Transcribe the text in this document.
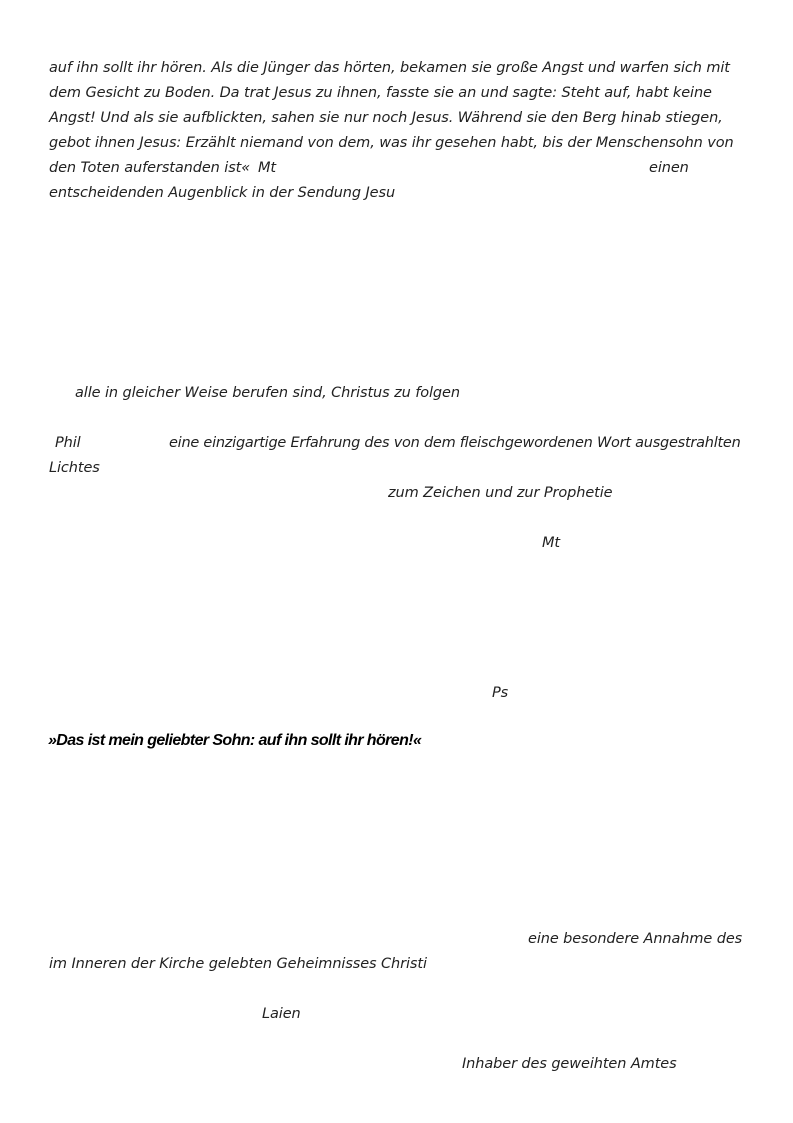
auf ihn sollt ihr hören. Als die Jünger das hörten, bekamen sie große Angst und warfen sich mit
dem Gesicht zu Boden. Da trat Jesus zu ihnen, fasste sie an und sagte: Steht auf, habt keine
Angst! Und als sie aufblickten, sahen sie nur noch Jesus. Während sie den Berg hinab stiegen,
gebot ihnen Jesus: Erzählt niemand von dem, was ihr gesehen habt, bis der Menschensohn von
den Toten auferstanden ist« Mt	einen
entscheidenden Augenblick in der Sendung Jesu
alle in gleicher Weise berufen sind, Christus zu folgen
Phil	eine einzigartige Erfahrung des von dem fleischgewordenen Wort ausgestrahlten
Lichtes
zum Zeichen und zur Prophetie
Mt
Ps
»Das ist mein geliebter Sohn: auf ihn sollt ihr hören!«
eine besondere Annahme des
im Inneren der Kirche gelebten Geheimnisses Christi
Laien
Inhaber des geweihten Amtes
